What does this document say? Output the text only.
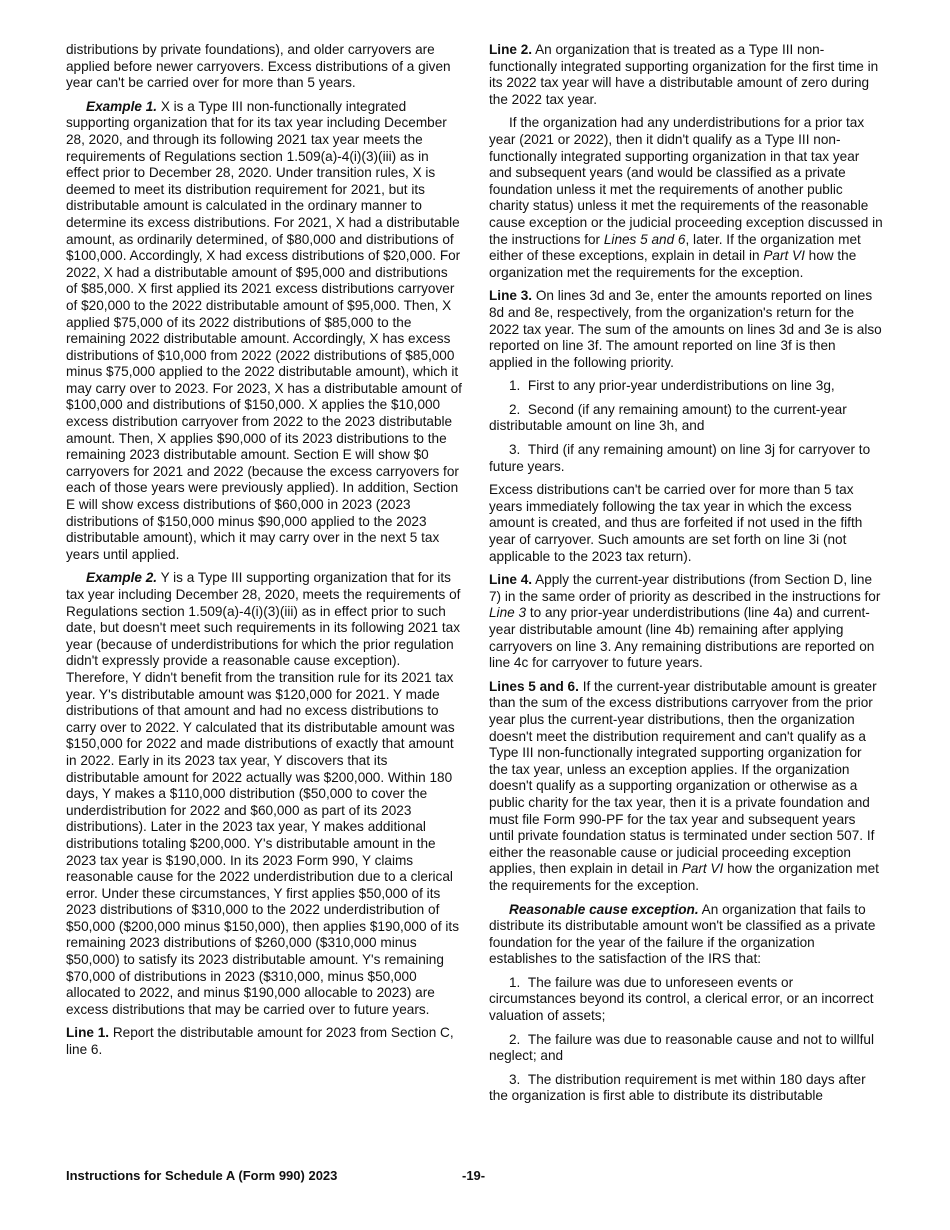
distributions by private foundations), and older carryovers are applied before newer carryovers. Excess distributions of a given year can't be carried over for more than 5 years.

Example 1. X is a Type III non-functionally integrated supporting organization that for its tax year including December 28, 2020, and through its following 2021 tax year meets the requirements of Regulations section 1.509(a)-4(i)(3)(iii) as in effect prior to December 28, 2020. Under transition rules, X is deemed to meet its distribution requirement for 2021, but its distributable amount is calculated in the ordinary manner to determine its excess distributions. For 2021, X had a distributable amount, as ordinarily determined, of $80,000 and distributions of $100,000. Accordingly, X had excess distributions of $20,000. For 2022, X had a distributable amount of $95,000 and distributions of $85,000. X first applied its 2021 excess distributions carryover of $20,000 to the 2022 distributable amount of $95,000. Then, X applied $75,000 of its 2022 distributions of $85,000 to the remaining 2022 distributable amount. Accordingly, X has excess distributions of $10,000 from 2022 (2022 distributions of $85,000 minus $75,000 applied to the 2022 distributable amount), which it may carry over to 2023. For 2023, X has a distributable amount of $100,000 and distributions of $150,000. X applies the $10,000 excess distribution carryover from 2022 to the 2023 distributable amount. Then, X applies $90,000 of its 2023 distributions to the remaining 2023 distributable amount. Section E will show $0 carryovers for 2021 and 2022 (because the excess carryovers for each of those years were previously applied). In addition, Section E will show excess distributions of $60,000 in 2023 (2023 distributions of $150,000 minus $90,000 applied to the 2023 distributable amount), which it may carry over in the next 5 tax years until applied.

Example 2. Y is a Type III supporting organization that for its tax year including December 28, 2020, meets the requirements of Regulations section 1.509(a)-4(i)(3)(iii) as in effect prior to such date, but doesn't meet such requirements in its following 2021 tax year (because of underdistributions for which the prior regulation didn't expressly provide a reasonable cause exception). Therefore, Y didn't benefit from the transition rule for its 2021 tax year. Y's distributable amount was $120,000 for 2021. Y made distributions of that amount and had no excess distributions to carry over to 2022. Y calculated that its distributable amount was $150,000 for 2022 and made distributions of exactly that amount in 2022. Early in its 2023 tax year, Y discovers that its distributable amount for 2022 actually was $200,000. Within 180 days, Y makes a $110,000 distribution ($50,000 to cover the underdistribution for 2022 and $60,000 as part of its 2023 distributions). Later in the 2023 tax year, Y makes additional distributions totaling $200,000. Y's distributable amount in the 2023 tax year is $190,000. In its 2023 Form 990, Y claims reasonable cause for the 2022 underdistribution due to a clerical error. Under these circumstances, Y first applies $50,000 of its 2023 distributions of $310,000 to the 2022 underdistribution of $50,000 ($200,000 minus $150,000), then applies $190,000 of its remaining 2023 distributions of $260,000 ($310,000 minus $50,000) to satisfy its 2023 distributable amount. Y's remaining $70,000 of distributions in 2023 ($310,000, minus $50,000 allocated to 2022, and minus $190,000 allocable to 2023) are excess distributions that may be carried over to future years.

Line 1. Report the distributable amount for 2023 from Section C, line 6.

Line 2. An organization that is treated as a Type III non-functionally integrated supporting organization for the first time in its 2022 tax year will have a distributable amount of zero during the 2022 tax year.

If the organization had any underdistributions for a prior tax year (2021 or 2022), then it didn't qualify as a Type III non-functionally integrated supporting organization in that tax year and subsequent years (and would be classified as a private foundation unless it met the requirements of another public charity status) unless it met the requirements of the reasonable cause exception or the judicial proceeding exception discussed in the instructions for Lines 5 and 6, later. If the organization met either of these exceptions, explain in detail in Part VI how the organization met the requirements for the exception.

Line 3. On lines 3d and 3e, enter the amounts reported on lines 8d and 8e, respectively, from the organization's return for the 2022 tax year. The sum of the amounts on lines 3d and 3e is also reported on line 3f. The amount reported on line 3f is then applied in the following priority.

1.  First to any prior-year underdistributions on line 3g,

2.  Second (if any remaining amount) to the current-year distributable amount on line 3h, and

3.  Third (if any remaining amount) on line 3j for carryover to future years.

Excess distributions can't be carried over for more than 5 tax years immediately following the tax year in which the excess amount is created, and thus are forfeited if not used in the fifth year of carryover. Such amounts are set forth on line 3i (not applicable to the 2023 tax return).

Line 4. Apply the current-year distributions (from Section D, line 7) in the same order of priority as described in the instructions for Line 3 to any prior-year underdistributions (line 4a) and current-year distributable amount (line 4b) remaining after applying carryovers on line 3. Any remaining distributions are reported on line 4c for carryover to future years.

Lines 5 and 6. If the current-year distributable amount is greater than the sum of the excess distributions carryover from the prior year plus the current-year distributions, then the organization doesn't meet the distribution requirement and can't qualify as a Type III non-functionally integrated supporting organization for the tax year, unless an exception applies. If the organization doesn't qualify as a supporting organization or otherwise as a public charity for the tax year, then it is a private foundation and must file Form 990-PF for the tax year and subsequent years until private foundation status is terminated under section 507. If either the reasonable cause or judicial proceeding exception applies, then explain in detail in Part VI how the organization met the requirements for the exception.

Reasonable cause exception. An organization that fails to distribute its distributable amount won't be classified as a private foundation for the year of the failure if the organization establishes to the satisfaction of the IRS that:

1.  The failure was due to unforeseen events or circumstances beyond its control, a clerical error, or an incorrect valuation of assets;

2.  The failure was due to reasonable cause and not to willful neglect; and

3.  The distribution requirement is met within 180 days after the organization is first able to distribute its distributable

Instructions for Schedule A (Form 990) 2023	-19-
